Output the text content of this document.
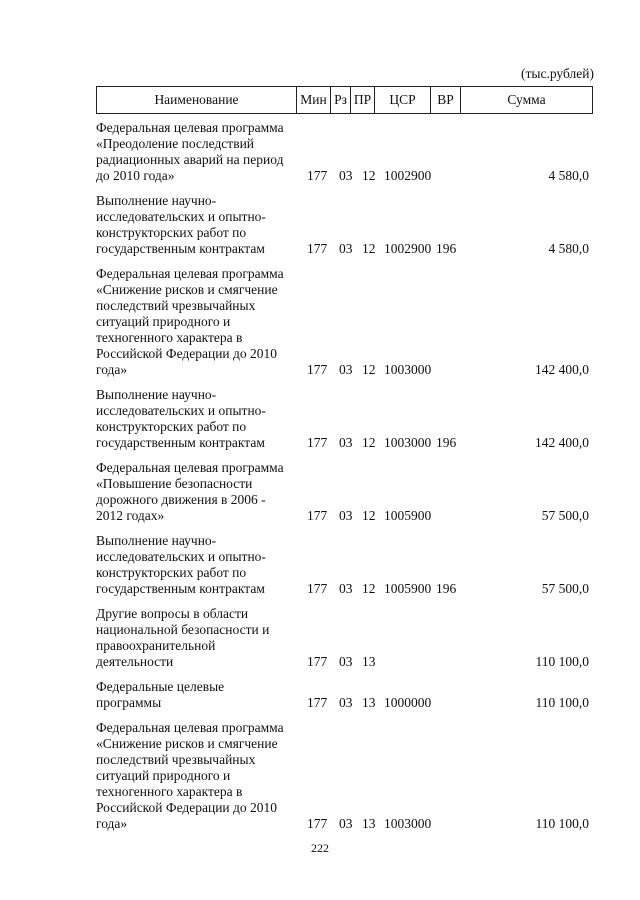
(тыс.рублей)
Наименование	Мин	Рз	ПР	ЦСР	ВР	Сумма
Федеральная целевая программа
«Преодоление последствий
радиационных аварий на период
до 2010 года»	177 03 12 1002900	4 580,0
Выполнение научно-
исследовательских и опытно-
конструкторских работ по
государственным контрактам	177 03 12 1002900 196	4 580,0
Федеральная целевая программа
«Снижение рисков и смягчение
последствий чрезвычайных
ситуаций природного и
техногенного характера в
Российской Федерации до 2010
года»	177 03 12 1003000	142 400,0
Выполнение научно-
исследовательских и опытно-
конструкторских работ по
государственным контрактам	177 03 12 1003000 196	142 400,0
Федеральная целевая программа
«Повышение безопасности
дорожного движения в 2006 -
2012 годах»	177 03 12 1005900	57 500,0
Выполнение научно-
исследовательских и опытно-
конструкторских работ по
государственным контрактам	177 03 12 1005900 196	57 500,0
Другие вопросы в области
национальной безопасности и
правоохранительной
деятельности	177 03 13	110 100,0
Федеральные целевые
программы	177 03 13 1000000	110 100,0
Федеральная целевая программа
«Снижение рисков и смягчение
последствий чрезвычайных
ситуаций природного и
техногенного характера в
Российской Федерации до 2010
года»	177 03 13 1003000	110 100,0
222
